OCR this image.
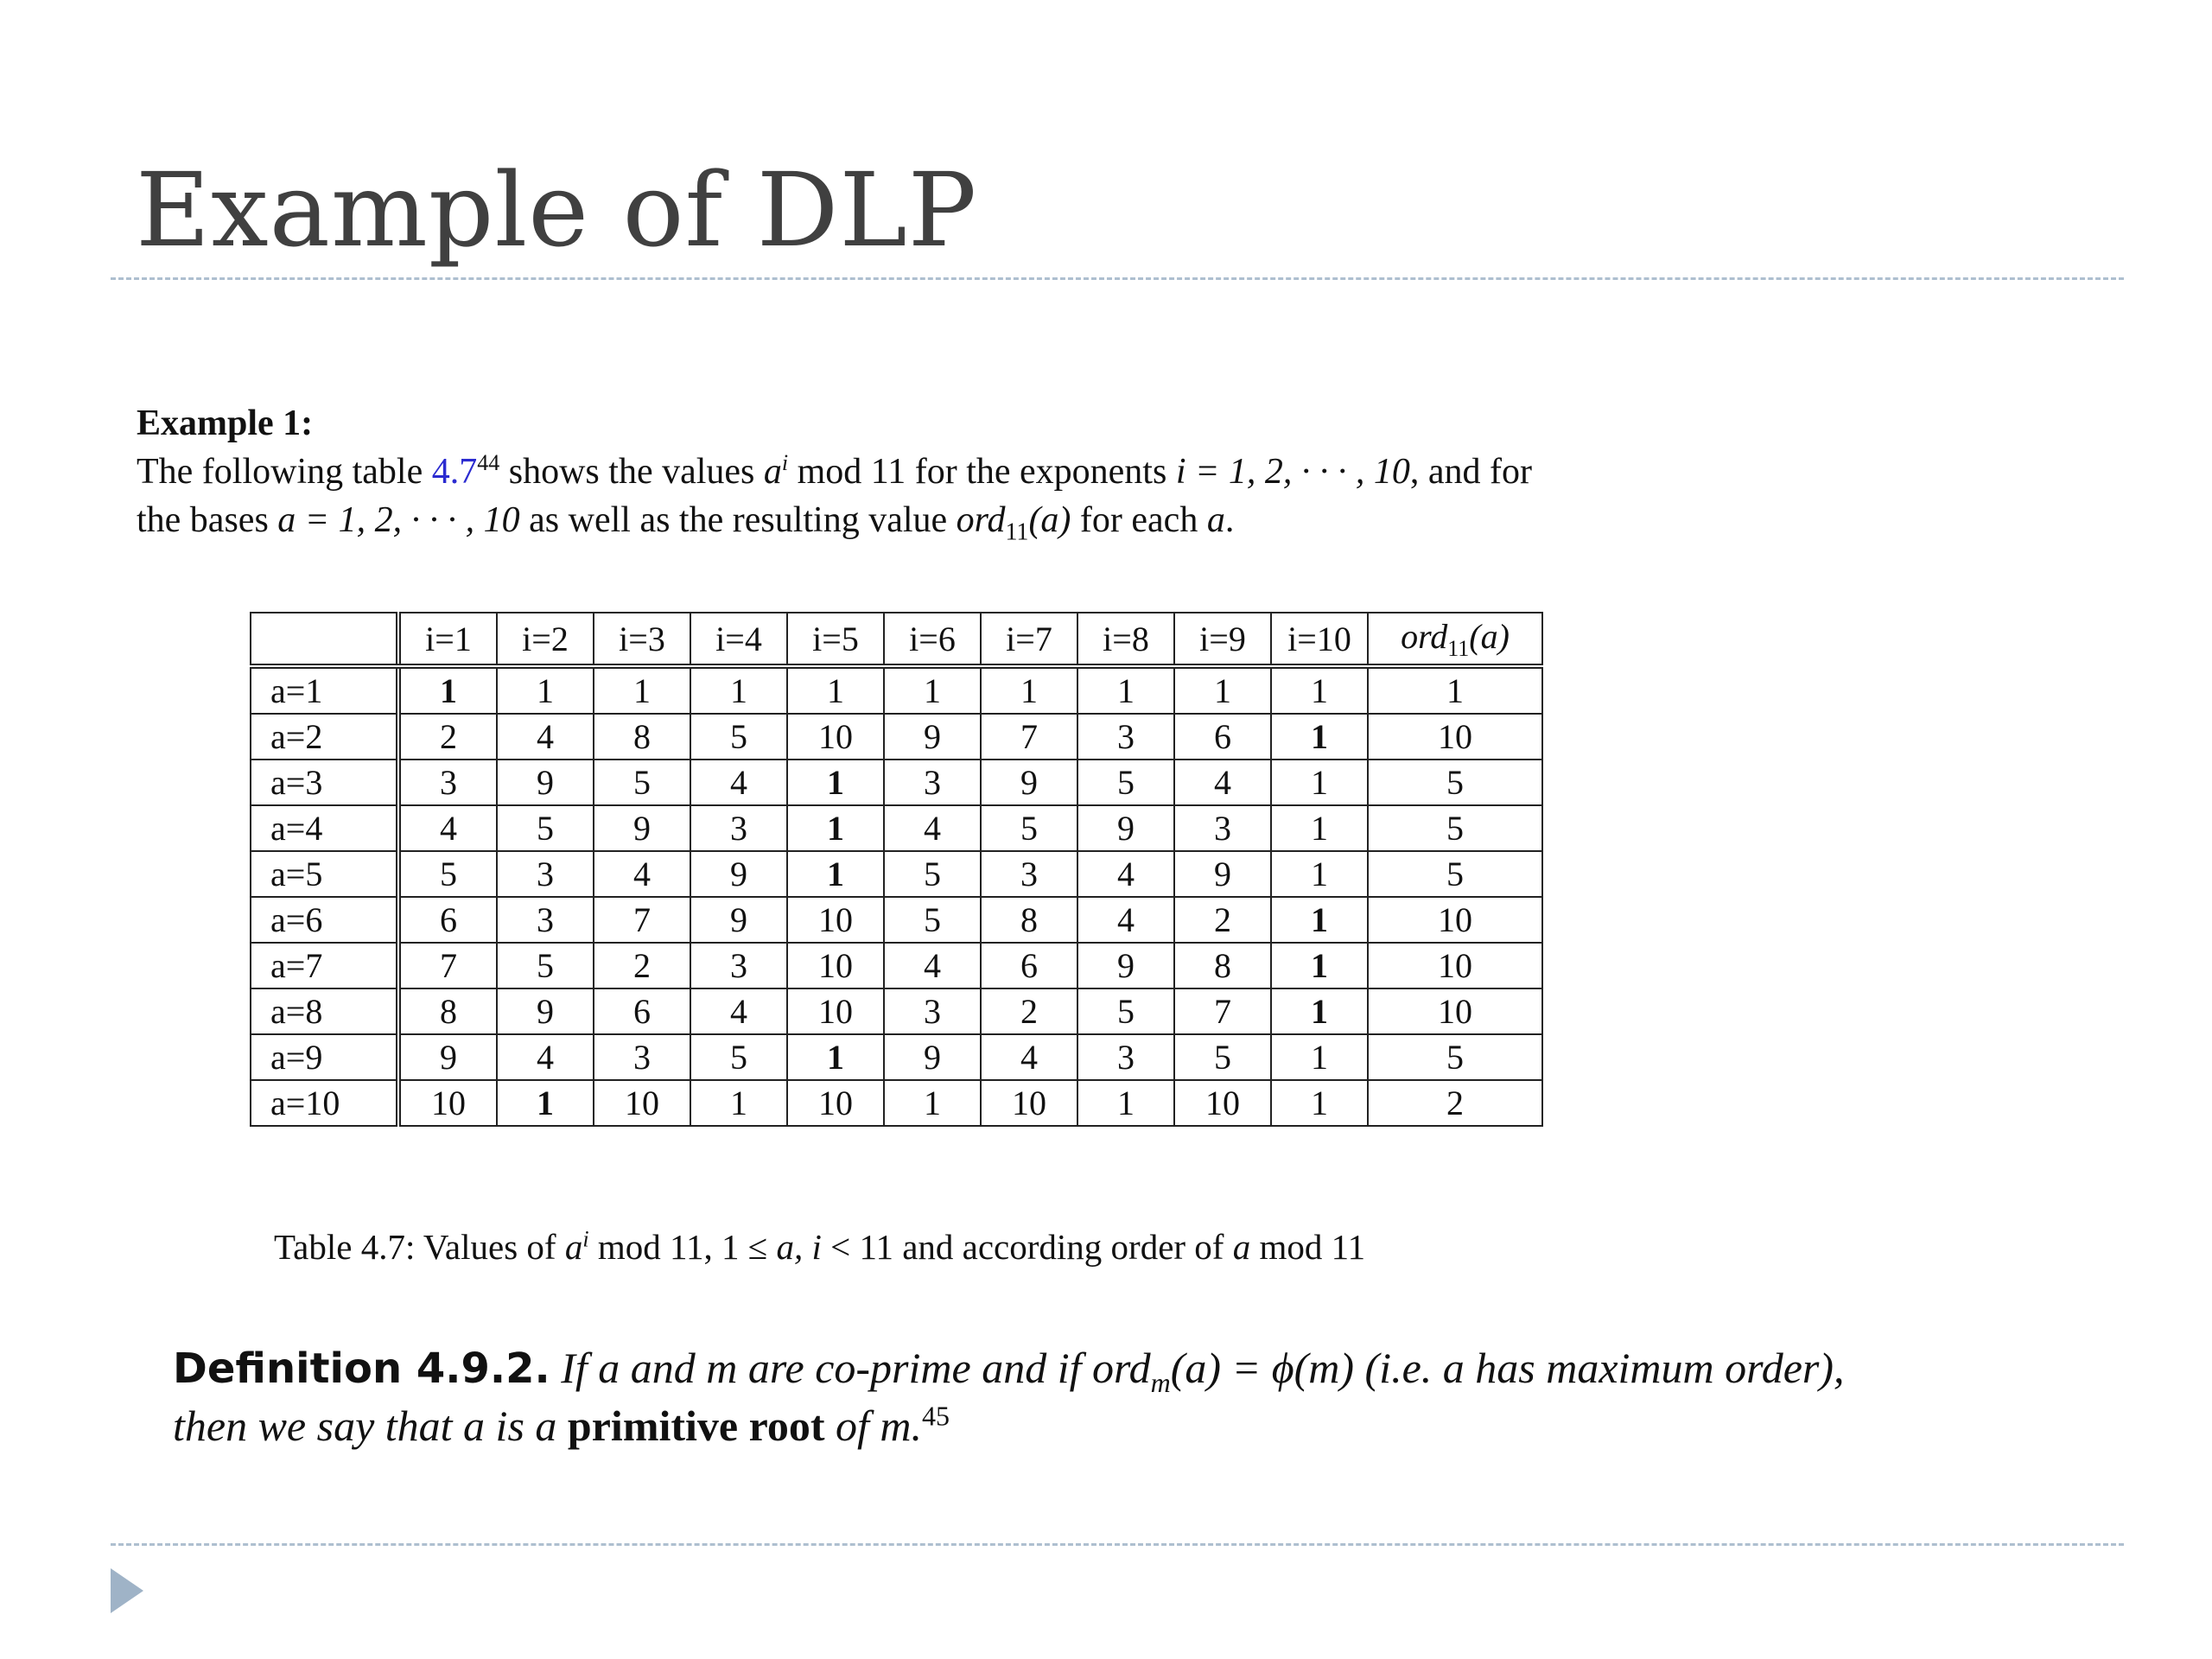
Example of DLP
Example 1:
The following table $4.7^{44}$ shows the values $a^i$ mod 11 for the exponents i = 1, 2, · · · , 10, and for
the bases a = 1, 2, · · · , 10 as well as the resulting value ord$_{11}$(a) for each a.
	i=1	i=2	i=3	i=4	i=5	i=6	i=7	i=8	i=9	i=10	ord$_{11}$(a)
a=1	1	1	1	1	1	1	1	1	1	1	1
a=2	2	4	8	5	10	9	7	3	6	1	10
a=3	3	9	5	4	1	3	9	5	4	1	5
a=4	4	5	9	3	1	4	5	9	3	1	5
a=5	5	3	4	9	1	5	3	4	9	1	5
a=6	6	3	7	9	10	5	8	4	2	1	10
a=7	7	5	2	3	10	4	6	9	8	1	10
a=8	8	9	6	4	10	3	2	5	7	1	10
a=9	9	4	3	5	1	9	4	3	5	1	5
a=10	10	1	10	1	10	1	10	1	10	1	2
Table 4.7: Values of $a^i$ mod 11, 1 ≤ a, i < 11 and according order of a mod 11
Definition 4.9.2. If a and m are co-prime and if ord$_m$(a) = ϕ(m) (i.e. a has maximum order),
then we say that a is a primitive root of m.$^{45}$
